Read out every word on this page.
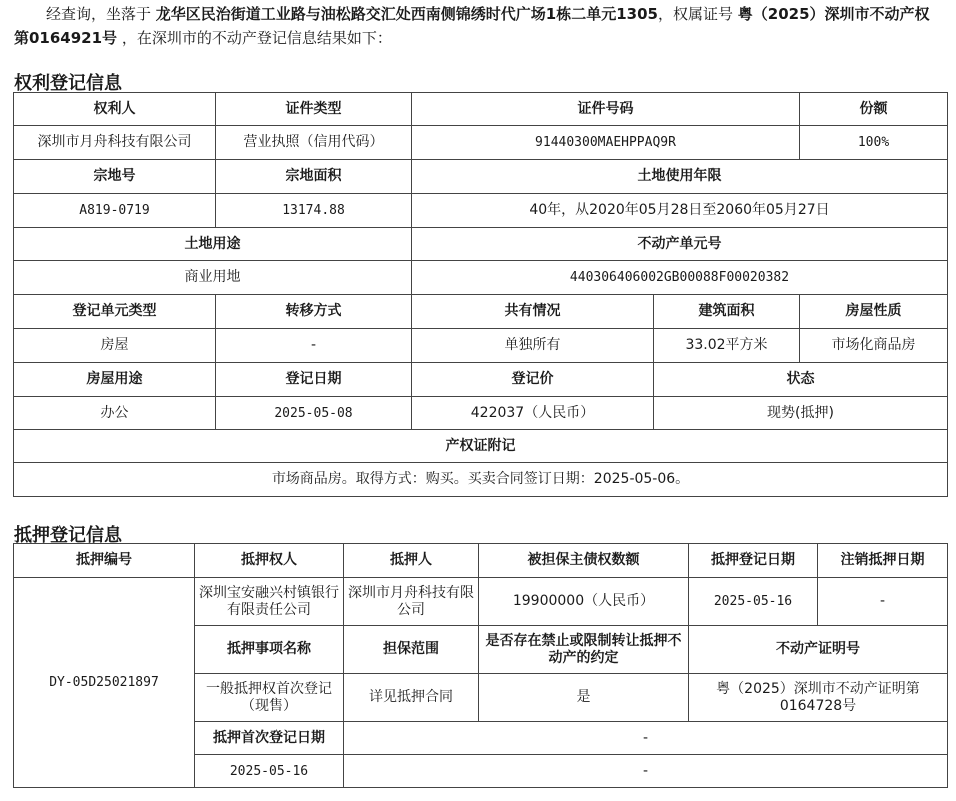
经查询，坐落于 龙华区民治街道工业路与油松路交汇处西南侧锦绣时代广场1栋二单元1305，权属证号 粤（2025）深圳市不动产权第0164921号 ，在深圳市的不动产登记信息结果如下：
权利登记信息
权利人	证件类型	证件号码		份额
深圳市月舟科技有限公司	营业执照（信用代码）	91440300MAEHPPAQ9R		100%
宗地号	宗地面积	土地使用年限		
A819-0719	13174.88	40年，从2020年05月28日至2060年05月27日		
土地用途		不动产单元号		
商业用地		440306406002GB00088F00020382		
登记单元类型	转移方式	共有情况	建筑面积	房屋性质
房屋	-	单独所有	33.02平方米	市场化商品房
房屋用途	登记日期	登记价	状态	
办公	2025-05-08	422037（人民币）	现势(抵押)	
产权证附记				
市场商品房。取得方式：购买。买卖合同签订日期：2025-05-06。				
抵押登记信息
抵押编号	抵押权人	抵押人	被担保主债权数额	抵押登记日期	注销抵押日期
DY-05D25021897	深圳宝安融兴村镇银行有限责任公司	深圳市月舟科技有限公司	19900000（人民币）	2025-05-16	-
	抵押事项名称	担保范围	是否存在禁止或限制转让抵押不动产的约定	不动产证明号	
	一般抵押权首次登记（现售）	详见抵押合同	是	粤（2025）深圳市不动产证明第0164728号	
	抵押首次登记日期	-			
	2025-05-16	-			
